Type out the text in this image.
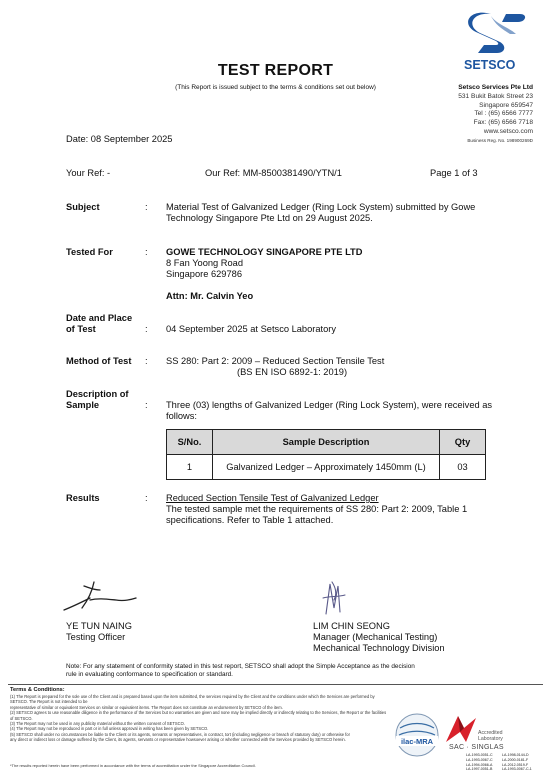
TEST REPORT
(This Report is issued subject to the terms & conditions set out below)
SETSCO
Setsco Services Pte Ltd
531 Bukit Batok Street 23
Singapore 659547
Tel : (65) 6566 7777
Fax: (65) 6566 7718
www.setsco.com
Business Reg. No. 198900269D
Date: 08 September 2025
Your Ref: -	Our Ref: MM-8500381490/YTN/1	Page 1 of 3
Subject	: Material Test of Galvanized Ledger (Ring Lock System) submitted by Gowe
Technology Singapore Pte Ltd on 29 August 2025.
Tested For	: GOWE TECHNOLOGY SINGAPORE PTE LTD
8 Fan Yoong Road
Singapore 629786
Attn: Mr. Calvin Yeo
Date and Place
of Test	: 04 September 2025 at Setsco Laboratory
Method of Test : SS 280: Part 2: 2009 – Reduced Section Tensile Test
(BS EN ISO 6892-1: 2019)
Description of
Sample	: Three (03) lengths of Galvanized Ledger (Ring Lock System), were received as
follows:
S/No.	Sample Description	Qty
1	Galvanized Ledger – Approximately 1450mm (L)	03
Results	: Reduced Section Tensile Test of Galvanized Ledger
The tested sample met the requirements of SS 280: Part 2: 2009, Table 1
specifications. Refer to Table 1 attached.
YE TUN NAING
Testing Officer
LIM CHIN SEONG
Manager (Mechanical Testing)
Mechanical Technology Division
Note: For any statement of conformity stated in this test report, SETSCO shall adopt the Simple Acceptance as the decision
rule in evaluating conformance to specification or standard.
Terms & Conditions:
(1) The Report is prepared for the sole use of the Client and is prepared based upon the item submitted, the services required by the Client and the conditions under which the Services are performed by SETSCO. The Report is not intended to be
representative of similar or equivalent Services on similar or equivalent items. The Report does not constitute an endorsement by SETSCO of the item.
(2) SETSCO agrees to use reasonable diligence in the performance of the Services but no warranties are given and none may be implied directly or indirectly relating to the Services, the Report or the facilities of SETSCO.
(3) The Report may not be used in any publicity material without the written consent of SETSCO.
(4) The Report may not be reproduced in part or in full unless approval in writing has been given by SETSCO.
(5) SETSCO shall under no circumstances be liable to the Client or its agents, servants or representatives, in contract, tort (including negligence or breach of statutory duty) or otherwise for
any direct or indirect loss or damage suffered by the Client, its agents, servants or representative howsoever arising or whether connected with the Services provided by SETSCO herein.
*The results reported herein have been performed in accordance with the terms of accreditation under the Singapore Accreditation Council.
ilac-MRA
Accredited
Laboratory
SAC · SINGLAS
LA-1993-0051-C
LA-1993-0067-C
LA-1994-0066-A
LA-1997-0051-B
LA-1998-0144-D
LA-2000-0181-F
LA-2012-0519-F
LA-1993-0067-C-1
